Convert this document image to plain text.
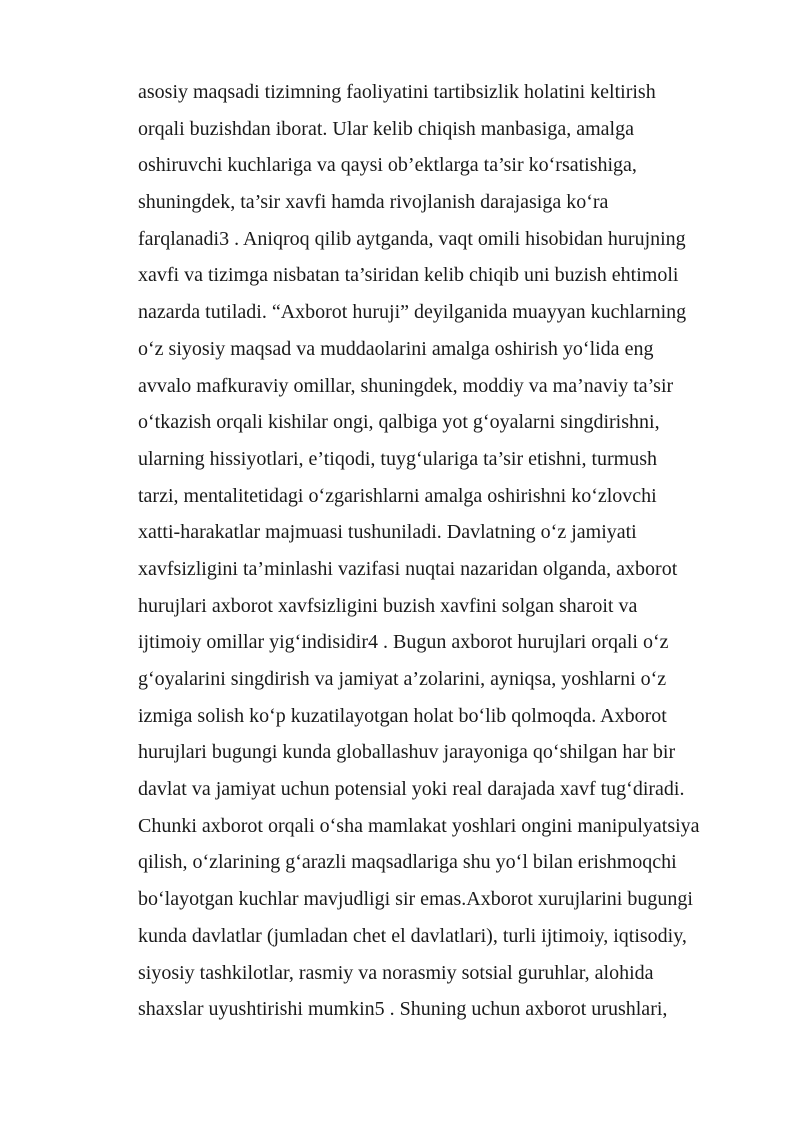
asosiy maqsadi tizimning faoliyatini tartibsizlik holatini keltirish
orqali buzishdan iborat. Ular kelib chiqish manbasiga, amalga
oshiruvchi kuchlariga va qaysi ob’ektlarga ta’sir ko‘rsatishiga,
shuningdek, ta’sir xavfi hamda rivojlanish darajasiga ko‘ra
farqlanadi3 . Aniqroq qilib aytganda, vaqt omili hisobidan hurujning
xavfi va tizimga nisbatan ta’siridan kelib chiqib uni buzish ehtimoli
nazarda tutiladi. “Axborot huruji” deyilganida muayyan kuchlarning
o‘z siyosiy maqsad va muddaolarini amalga oshirish yo‘lida eng
avvalo mafkuraviy omillar, shuningdek, moddiy va ma’naviy ta’sir
o‘tkazish orqali kishilar ongi, qalbiga yot g‘oyalarni singdirishni,
ularning hissiyotlari, e’tiqodi, tuyg‘ulariga ta’sir etishni, turmush
tarzi, mentalitetidagi o‘zgarishlarni amalga oshirishni ko‘zlovchi
xatti-harakatlar majmuasi tushuniladi. Davlatning o‘z jamiyati
xavfsizligini ta’minlashi vazifasi nuqtai nazaridan olganda, axborot
hurujlari axborot xavfsizligini buzish xavfini solgan sharoit va
ijtimoiy omillar yig‘indisidir4 . Bugun axborot hurujlari orqali o‘z
g‘oyalarini singdirish va jamiyat a’zolarini, ayniqsa, yoshlarni o‘z
izmiga solish ko‘p kuzatilayotgan holat bo‘lib qolmoqda. Axborot
hurujlari bugungi kunda globallashuv jarayoniga qo‘shilgan har bir
davlat va jamiyat uchun potensial yoki real darajada xavf tug‘diradi.
Chunki axborot orqali o‘sha mamlakat yoshlari ongini manipulyatsiya
qilish, o‘zlarining g‘arazli maqsadlariga shu yo‘l bilan erishmoqchi
bo‘layotgan kuchlar mavjudligi sir emas.Axborot xurujlarini bugungi
kunda davlatlar (jumladan chet el davlatlari), turli ijtimoiy, iqtisodiy,
siyosiy tashkilotlar, rasmiy va norasmiy sotsial guruhlar, alohida
shaxslar uyushtirishi mumkin5 . Shuning uchun axborot urushlari,
